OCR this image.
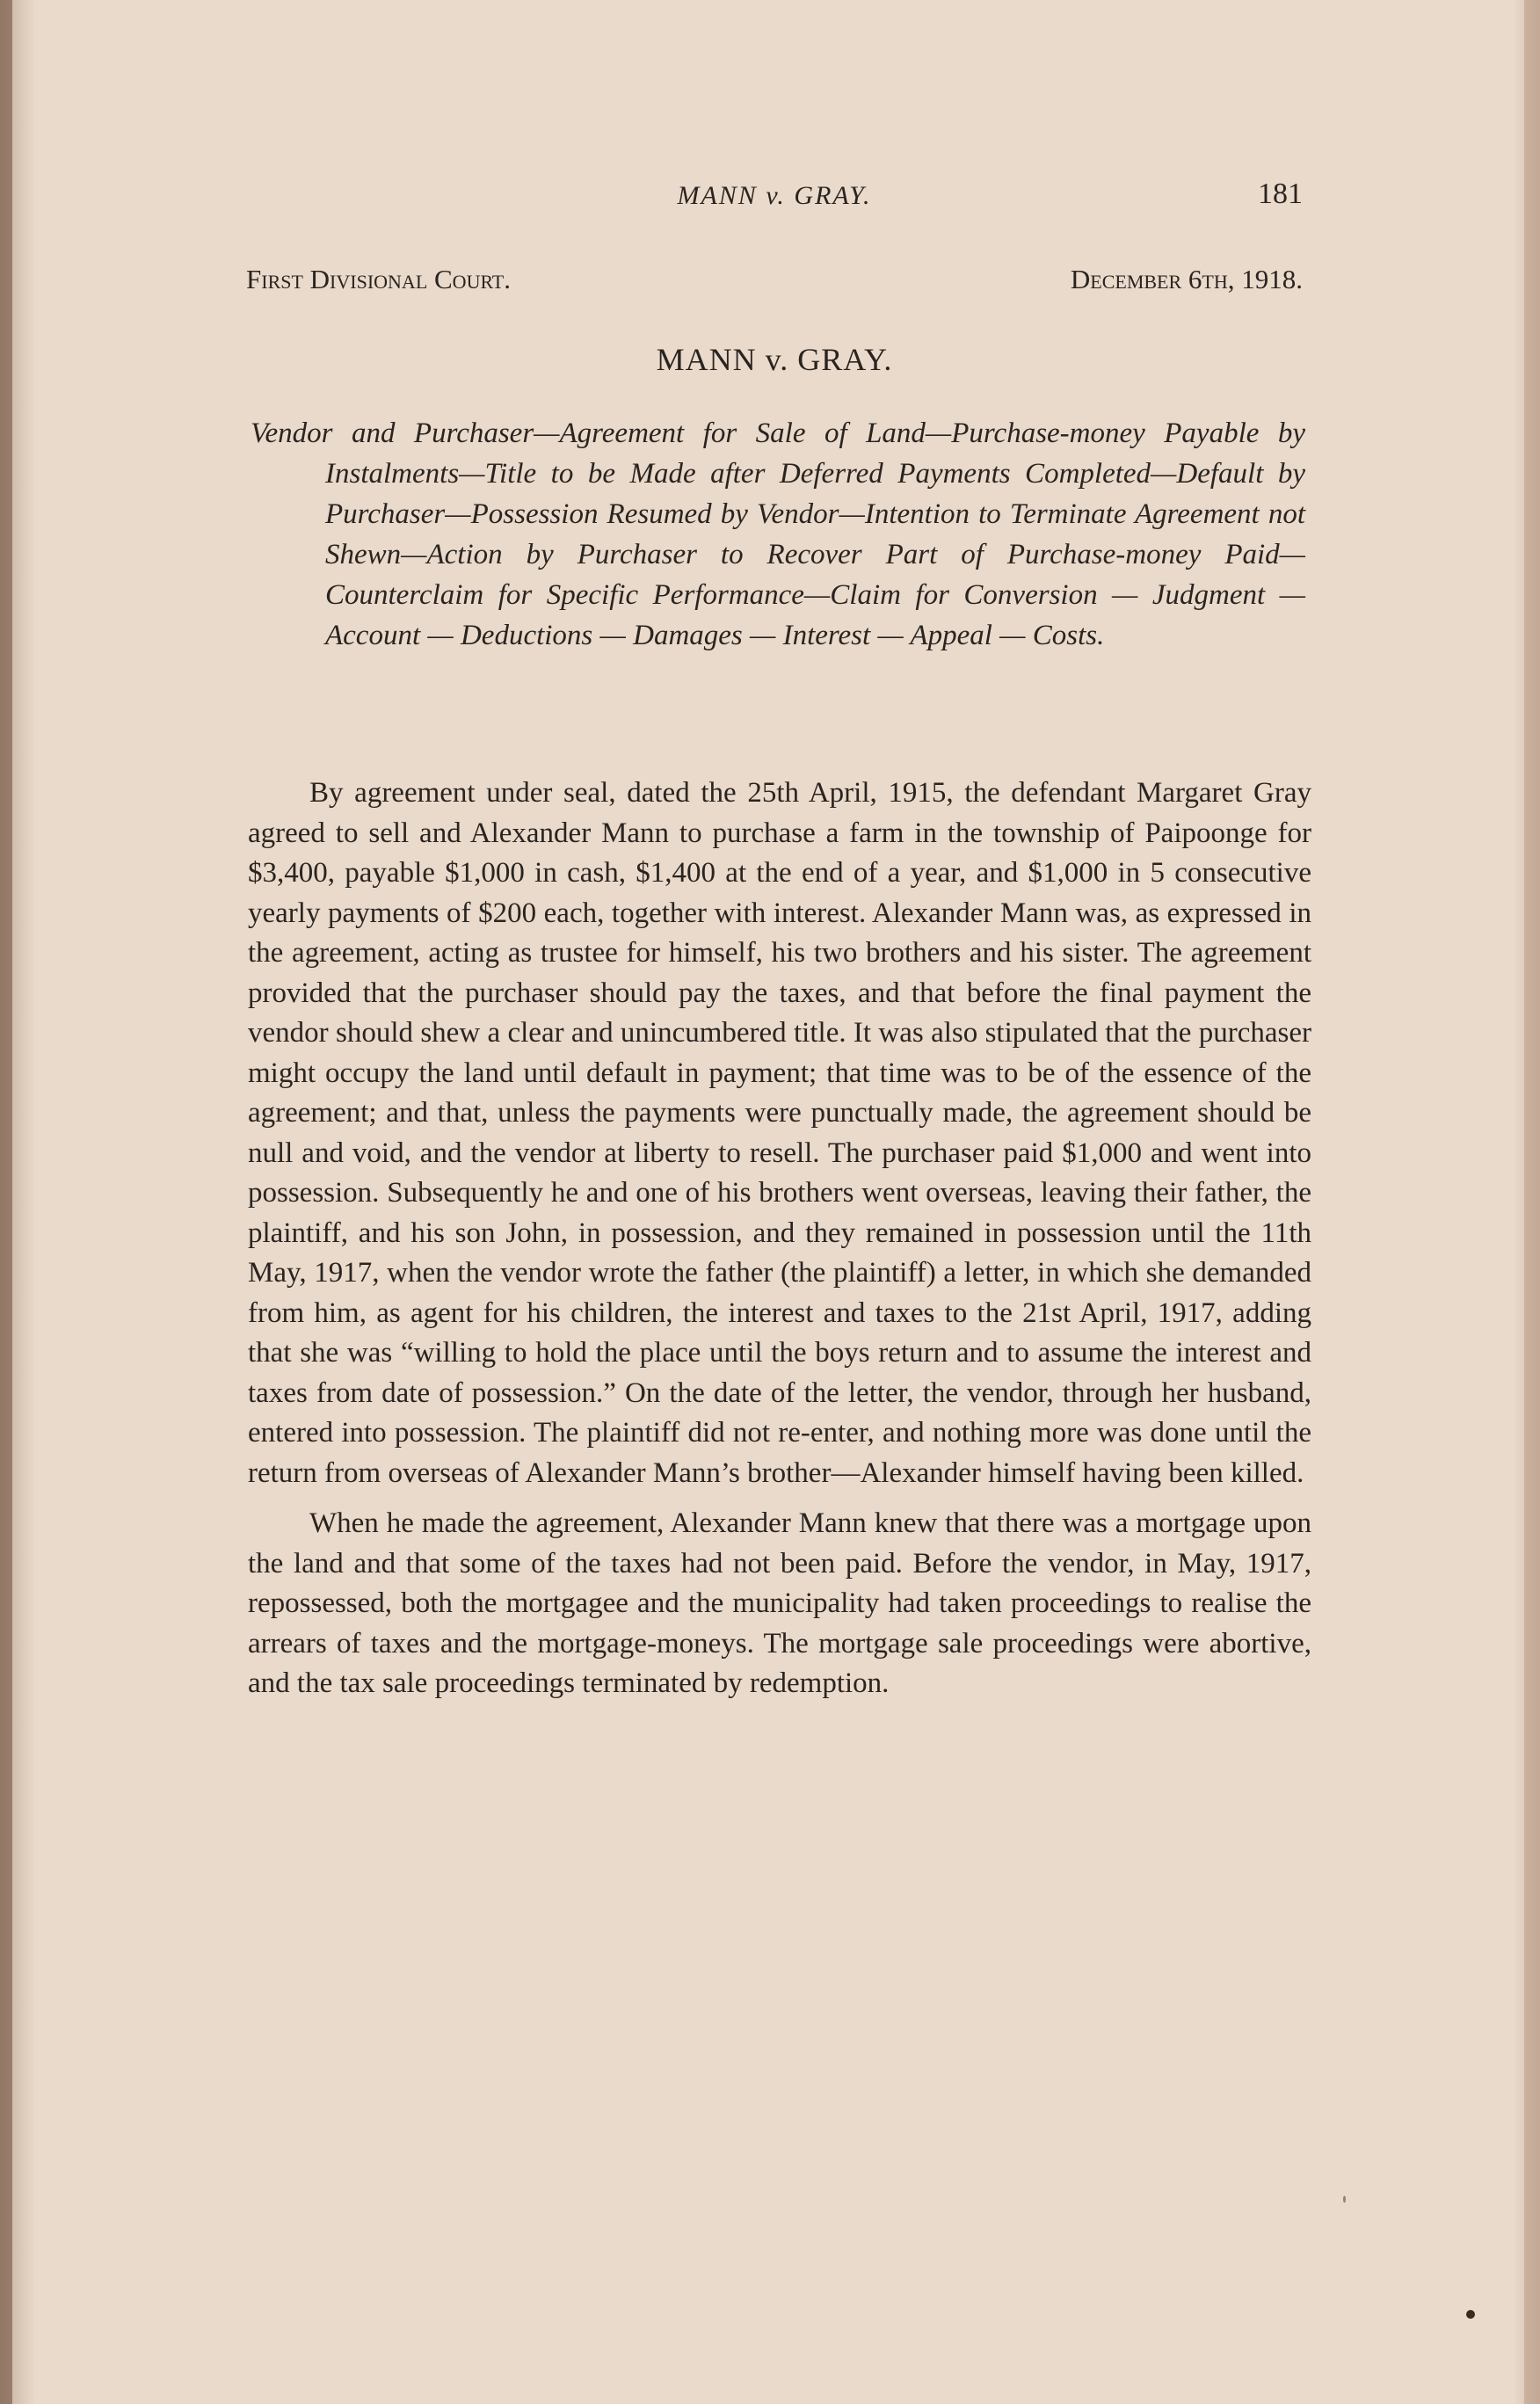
MANN v. GRAY.	181
First Divisional Court.	December 6th, 1918.
MANN v. GRAY.
Vendor and Purchaser—Agreement for Sale of Land—Purchase-money Payable by Instalments—Title to be Made after Deferred Payments Completed—Default by Purchaser—Possession Resumed by Vendor—Intention to Terminate Agreement not Shewn—Action by Purchaser to Recover Part of Purchase-money Paid—Counterclaim for Specific Performance—Claim for Conversion — Judgment — Account — Deductions — Damages — Interest — Appeal — Costs.

By agreement under seal, dated the 25th April, 1915, the defendant Margaret Gray agreed to sell and Alexander Mann to purchase a farm in the township of Paipoonge for $3,400, payable $1,000 in cash, $1,400 at the end of a year, and $1,000 in 5 consecutive yearly payments of $200 each, together with interest. Alexander Mann was, as expressed in the agreement, acting as trustee for himself, his two brothers and his sister. The agreement provided that the purchaser should pay the taxes, and that before the final payment the vendor should shew a clear and unincumbered title. It was also stipulated that the purchaser might occupy the land until default in payment; that time was to be of the essence of the agreement; and that, unless the payments were punctually made, the agreement should be null and void, and the vendor at liberty to resell. The purchaser paid $1,000 and went into possession. Subsequently he and one of his brothers went overseas, leaving their father, the plaintiff, and his son John, in possession, and they remained in possession until the 11th May, 1917, when the vendor wrote the father (the plaintiff) a letter, in which she demanded from him, as agent for his children, the interest and taxes to the 21st April, 1917, adding that she was “willing to hold the place until the boys return and to assume the interest and taxes from date of possession.” On the date of the letter, the vendor, through her husband, entered into possession. The plaintiff did not re-enter, and nothing more was done until the return from overseas of Alexander Mann’s brother—Alexander himself having been killed.

When he made the agreement, Alexander Mann knew that there was a mortgage upon the land and that some of the taxes had not been paid. Before the vendor, in May, 1917, repossessed, both the mortgagee and the municipality had taken proceedings to realise the arrears of taxes and the mortgage-moneys. The mortgage sale proceedings were abortive, and the tax sale proceedings terminated by redemption.
